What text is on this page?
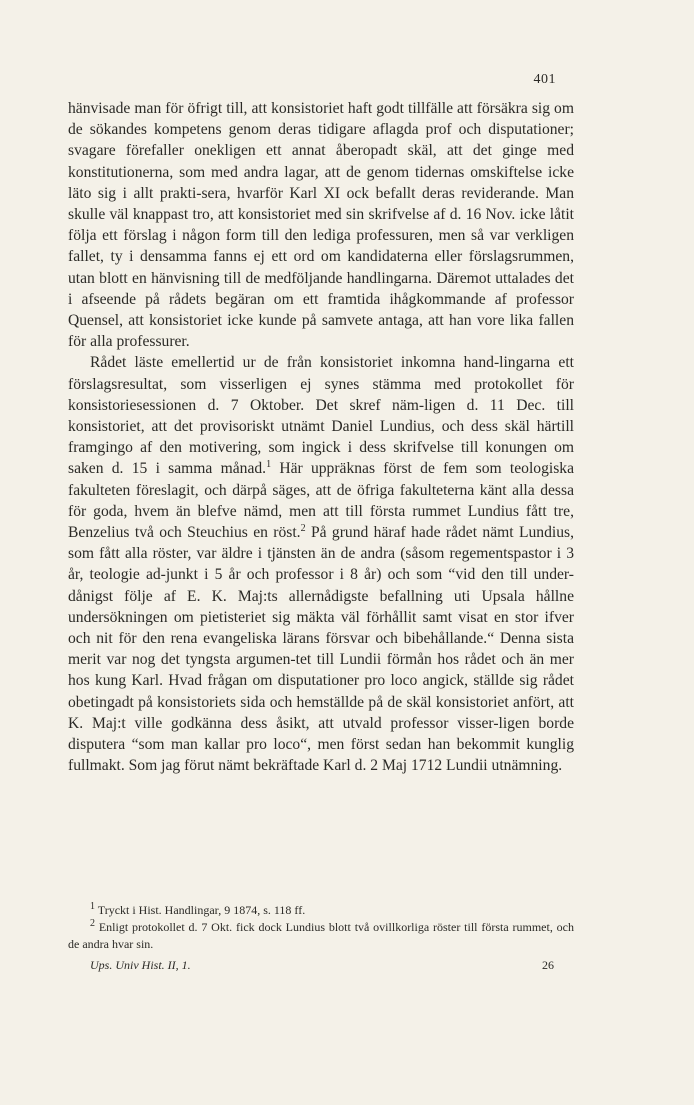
401

hänvisade man för öfrigt till, att konsistoriet haft godt tillfälle att försäkra sig om de sökandes kompetens genom deras tidigare aflagda prof och disputationer; svagare förefaller onekligen ett annat åberopadt skäl, att det ginge med konstitutionerna, som med andra lagar, att de genom tidernas omskiftelse icke läto sig i allt prakti-sera, hvarför Karl XI ock befallt deras reviderande. Man skulle väl knappast tro, att konsistoriet med sin skrifvelse af d. 16 Nov. icke låtit följa ett förslag i någon form till den lediga professuren, men så var verkligen fallet, ty i densamma fanns ej ett ord om kandidaterna eller förslagsrummen, utan blott en hänvisning till de medföljande handlingarna. Däremot uttalades det i afseende på rådets begäran om ett framtida ihågkommande af professor Quensel, att konsistoriet icke kunde på samvete antaga, att han vore lika fallen för alla professurer.

Rådet läste emellertid ur de från konsistoriet inkomna hand-lingarna ett förslagsresultat, som visserligen ej synes stämma med protokollet för konsistoriesessionen d. 7 Oktober. Det skref näm-ligen d. 11 Dec. till konsistoriet, att det provisoriskt utnämt Daniel Lundius, och dess skäl härtill framgingo af den motivering, som ingick i dess skrifvelse till konungen om saken d. 15 i samma månad.$^1$ Här uppräknas först de fem som teologiska fakulteten föreslagit, och därpå säges, att de öfriga fakulteterna känt alla dessa för goda, hvem än blefve nämd, men att till första rummet Lundius fått tre, Benzelius två och Steuchius en röst.$^2$ På grund häraf hade rådet nämt Lundius, som fått alla röster, var äldre i tjänsten än de andra (såsom regementspastor i 3 år, teologie ad-junkt i 5 år och professor i 8 år) och som “vid den till under-dånigst följe af E. K. Maj:ts allernådigste befallning uti Upsala hållne undersökningen om pietisteriet sig mäkta väl förhållit samt visat en stor ifver och nit för den rena evangeliska lärans försvar och bibehållande.“ Denna sista merit var nog det tyngsta argumen-tet till Lundii förmån hos rådet och än mer hos kung Karl. Hvad frågan om disputationer pro loco angick, ställde sig rådet obetingadt på konsistoriets sida och hemställde på de skäl konsistoriet anfört, att K. Maj:t ville godkänna dess åsikt, att utvald professor visser-ligen borde disputera “som man kallar pro loco“, men först sedan han bekommit kunglig fullmakt. Som jag förut nämt bekräftade Karl d. 2 Maj 1712 Lundii utnämning.

$^1$ Tryckt i Hist. Handlingar, 9 1874, s. 118 ff.

$^2$ Enligt protokollet d. 7 Okt. fick dock Lundius blott två ovillkorliga röster till första rummet, och de andra hvar sin.

Ups. Univ Hist. II, 1.	26
